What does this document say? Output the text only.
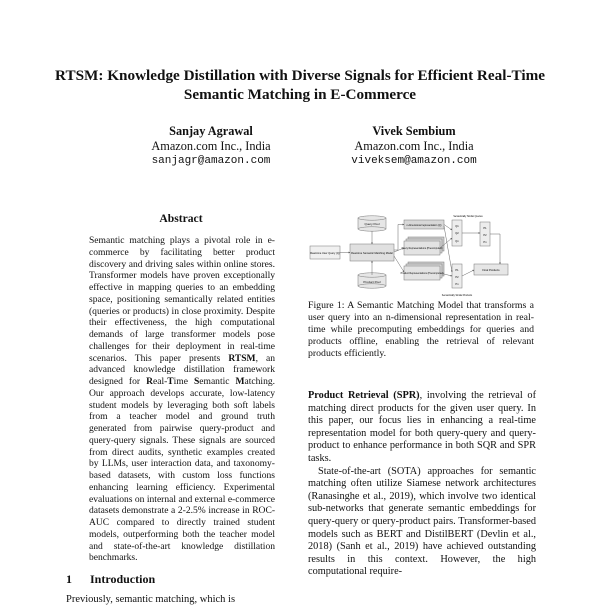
RTSM: Knowledge Distillation with Diverse Signals for Efficient Real-Time Semantic Matching in E-Commerce
Sanjay Agrawal
Amazon.com Inc., India
sanjagr@amazon.com
Vivek Sembium
Amazon.com Inc., India
viveksem@amazon.com
Abstract
Semantic matching plays a pivotal role in e-commerce by facilitating better product discovery and driving sales within online stores. Transformer models have proven exceptionally effective in mapping queries to an embedding space, positioning semantically related entities (queries or products) in close proximity. Despite their effectiveness, the high computational demands of large transformer models pose challenges for their deployment in real-time scenarios. This paper presents RTSM, an advanced knowledge distillation framework designed for Real-Time Semantic Matching. Our approach develops accurate, low-latency student models by leveraging both soft labels from a teacher model and ground truth generated from pairwise query-product and query-query signals. These signals are sourced from direct audits, synthetic examples created by LLMs, user interaction data, and taxonomy-based datasets, with custom loss functions enhancing learning efficiency. Experimental evaluations on internal and external e-commerce datasets demonstrate a 2-2.5% increase in ROC-AUC compared to directly trained student models, outperforming both the teacher model and state-of-the-art knowledge distillation benchmarks.
1 Introduction
Previously, semantic matching, which is
Query Pool
Product Pool
Real-time User Query (Q)	Real-time Semantic Matching Model
n-dimensional representation (Q)
Query Representations (Precomputed)
Product Representations (Precomputed)
Q1
Q2
Qn
Semantically Similar Queries
P1
P2
Pn
P1
P2
Pn
Semantically Similar Products
Final Products
Figure 1: A Semantic Matching Model that transforms a user query into an n-dimensional representation in real-time while precomputing embeddings for queries and products offline, enabling the retrieval of relevant products efficiently.

Product Retrieval (SPR), involving the retrieval of matching direct products for the given user query. In this paper, our focus lies in enhancing a real-time representation model for both query-query and query-product to enhance performance in both SQR and SPR tasks.

State-of-the-art (SOTA) approaches for semantic matching often utilize Siamese network architectures (Ranasinghe et al., 2019), which involve two identical sub-networks that generate semantic embeddings for query-query or query-product pairs. Transformer-based models such as BERT and DistilBERT (Devlin et al., 2018) (Sanh et al., 2019) have achieved outstanding results in this context. However, the high computational require-
